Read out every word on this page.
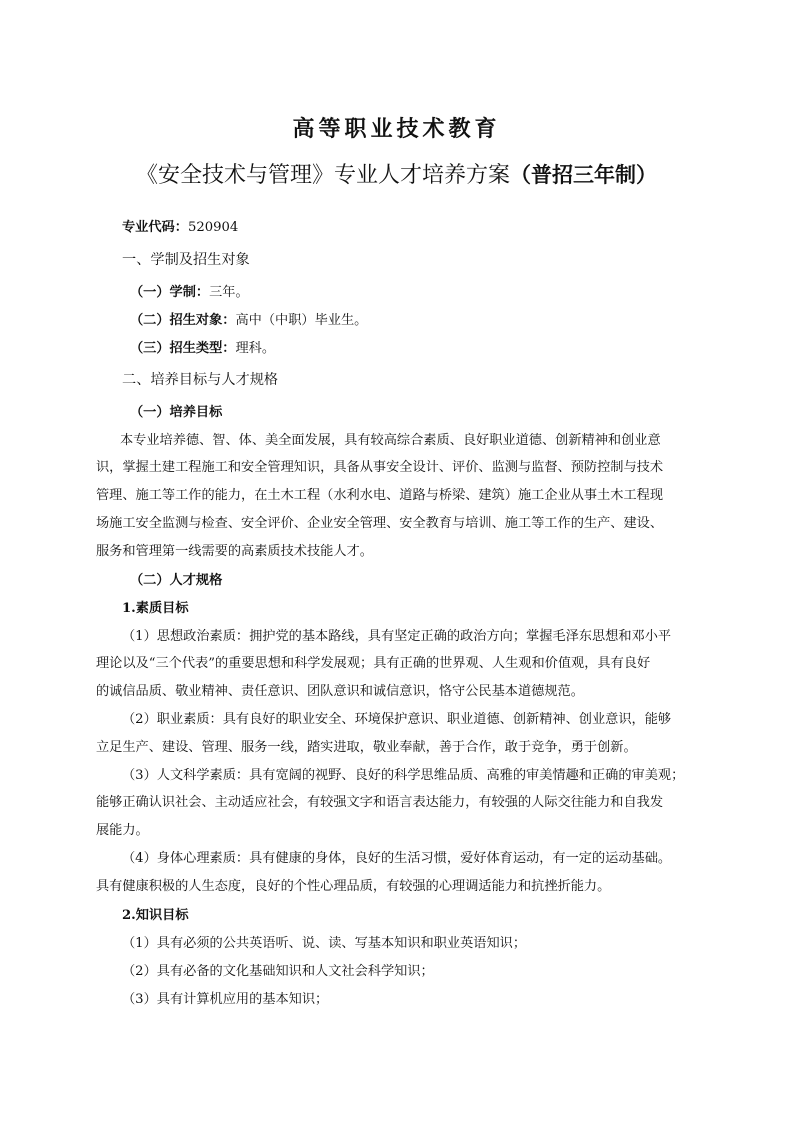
高等职业技术教育
《安全技术与管理》专业人才培养方案（普招三年制）
专业代码：520904
一、学制及招生对象
（一）学制：三年。
（二）招生对象：高中（中职）毕业生。
（三）招生类型：理科。
二、培养目标与人才规格
（一）培养目标
本专业培养德、智、体、美全面发展，具有较高综合素质、良好职业道德、创新精神和创业意
识，掌握土建工程施工和安全管理知识，具备从事安全设计、评价、监测与监督、预防控制与技术
管理、施工等工作的能力，在土木工程（水利水电、道路与桥梁、建筑）施工企业从事土木工程现
场施工安全监测与检查、安全评价、企业安全管理、安全教育与培训、施工等工作的生产、建设、
服务和管理第一线需要的高素质技术技能人才。
（二）人才规格
1.素质目标
（1）思想政治素质：拥护党的基本路线，具有坚定正确的政治方向；掌握毛泽东思想和邓小平
理论以及“三个代表”的重要思想和科学发展观；具有正确的世界观、人生观和价值观，具有良好
的诚信品质、敬业精神、责任意识、团队意识和诚信意识，恪守公民基本道德规范。
（2）职业素质：具有良好的职业安全、环境保护意识、职业道德、创新精神、创业意识，能够
立足生产、建设、管理、服务一线，踏实进取，敬业奉献，善于合作，敢于竞争，勇于创新。
（3）人文科学素质：具有宽阔的视野、良好的科学思维品质、高雅的审美情趣和正确的审美观；
能够正确认识社会、主动适应社会，有较强文字和语言表达能力，有较强的人际交往能力和自我发
展能力。
（4）身体心理素质：具有健康的身体，良好的生活习惯，爱好体育运动，有一定的运动基础。
具有健康积极的人生态度，良好的个性心理品质，有较强的心理调适能力和抗挫折能力。
2.知识目标
（1）具有必须的公共英语听、说、读、写基本知识和职业英语知识；
（2）具有必备的文化基础知识和人文社会科学知识；
（3）具有计算机应用的基本知识；
